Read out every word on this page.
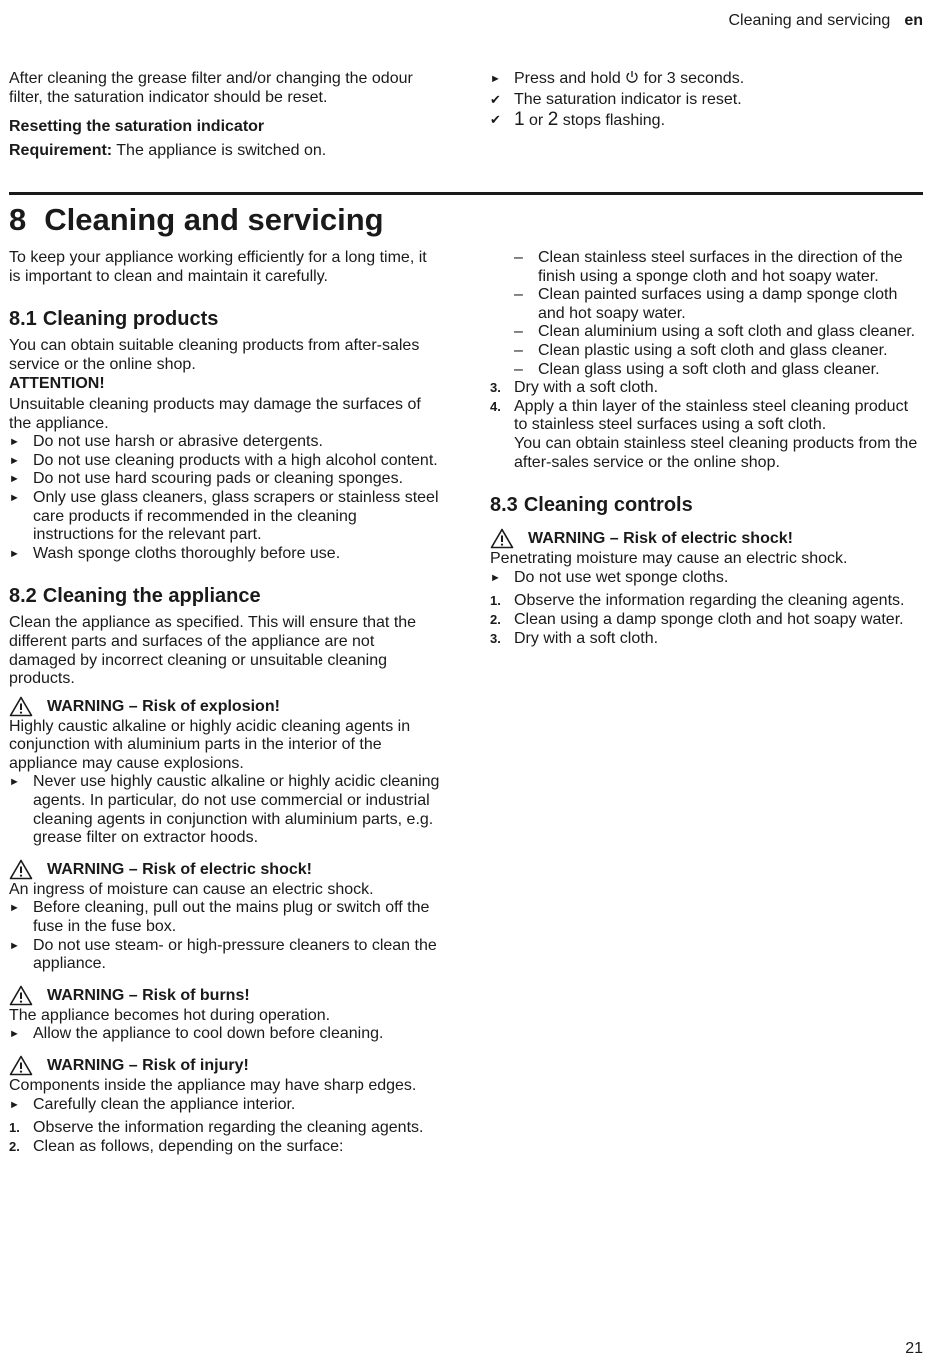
Cleaning and servicing en

After cleaning the grease filter and/or changing the odour filter, the saturation indicator should be reset.

Resetting the saturation indicator

Requirement: The appliance is switched on.

► Press and hold  for 3 seconds.
✔ The saturation indicator is reset.
✔ 1 or 2 stops flashing.
8 Cleaning and servicing

To keep your appliance working efficiently for a long time, it is important to clean and maintain it carefully.

8.1 Cleaning products

You can obtain suitable cleaning products from after-sales service or the online shop.

ATTENTION!

Unsuitable cleaning products may damage the surfaces of the appliance.

► Do not use harsh or abrasive detergents.
► Do not use cleaning products with a high alcohol content.
► Do not use hard scouring pads or cleaning sponges.
► Only use glass cleaners, glass scrapers or stainless steel care products if recommended in the cleaning instructions for the relevant part.
► Wash sponge cloths thoroughly before use.
8.2 Cleaning the appliance

Clean the appliance as specified. This will ensure that the different parts and surfaces of the appliance are not damaged by incorrect cleaning or unsuitable cleaning products.

WARNING – Risk of explosion!

Highly caustic alkaline or highly acidic cleaning agents in conjunction with aluminium parts in the interior of the appliance may cause explosions.

► Never use highly caustic alkaline or highly acidic cleaning agents. In particular, do not use commercial or industrial cleaning agents in conjunction with aluminium parts, e.g. grease filter on extractor hoods.
WARNING – Risk of electric shock!

An ingress of moisture can cause an electric shock.

► Before cleaning, pull out the mains plug or switch off the fuse in the fuse box.
► Do not use steam- or high-pressure cleaners to clean the appliance.
WARNING – Risk of burns!

The appliance becomes hot during operation.

► Allow the appliance to cool down before cleaning.
WARNING – Risk of injury!

Components inside the appliance may have sharp edges.

► Carefully clean the appliance interior.
1. Observe the information regarding the cleaning agents.
2. Clean as follows, depending on the surface:
– Clean stainless steel surfaces in the direction of the finish using a sponge cloth and hot soapy water.
– Clean painted surfaces using a damp sponge cloth and hot soapy water.
– Clean aluminium using a soft cloth and glass cleaner.
– Clean plastic using a soft cloth and glass cleaner.
– Clean glass using a soft cloth and glass cleaner.
3. Dry with a soft cloth.
4. Apply a thin layer of the stainless steel cleaning product to stainless steel surfaces using a soft cloth.
You can obtain stainless steel cleaning products from the after-sales service or the online shop.
8.3 Cleaning controls
WARNING – Risk of electric shock!

Penetrating moisture may cause an electric shock.

► Do not use wet sponge cloths.
1. Observe the information regarding the cleaning agents.
2. Clean using a damp sponge cloth and hot soapy water.
3. Dry with a soft cloth.
21
